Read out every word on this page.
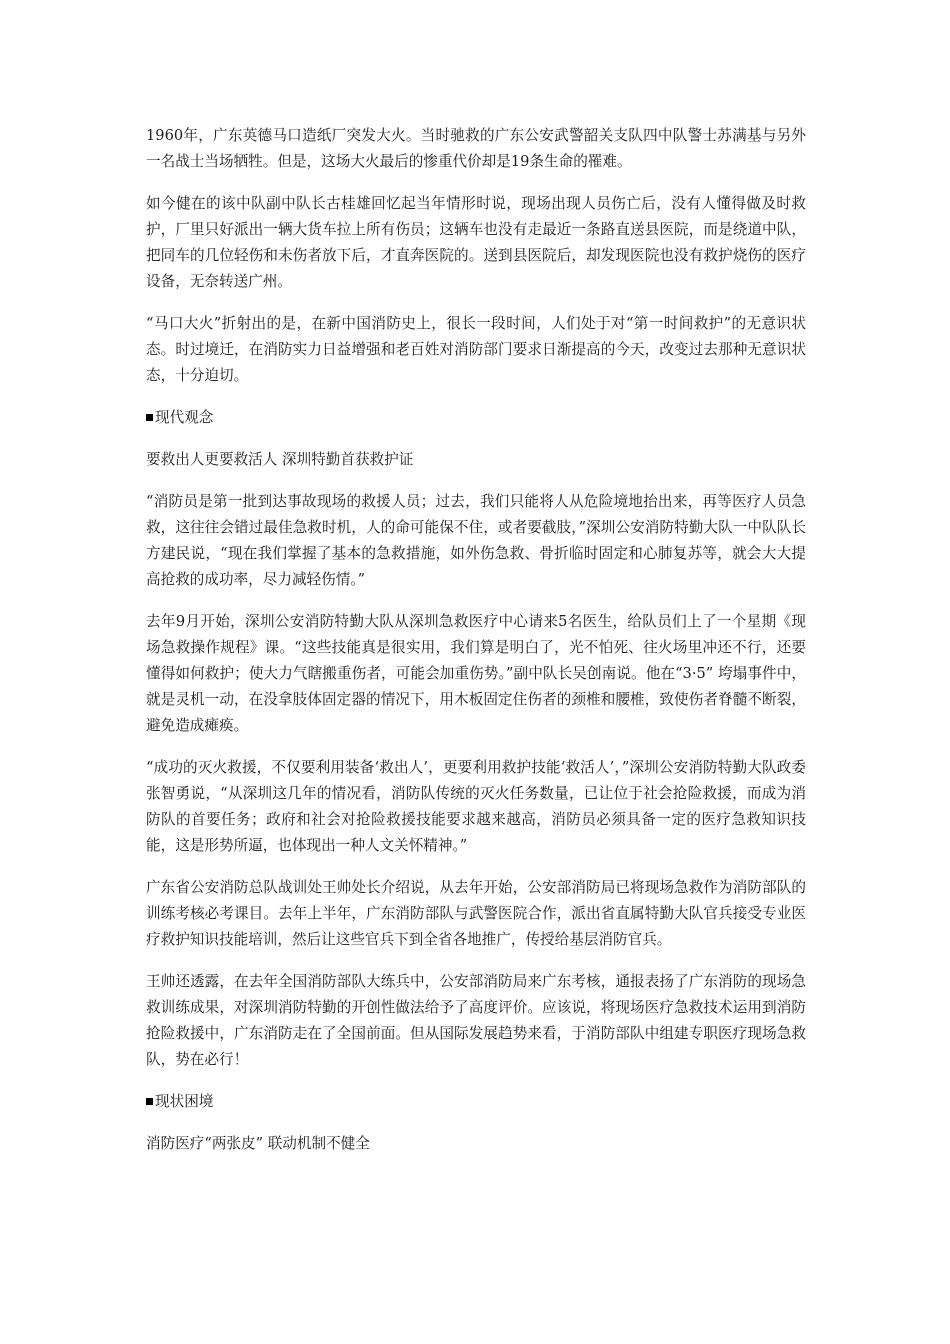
1960年，广东英德马口造纸厂突发大火。当时驰救的广东公安武警韶关支队四中队警士苏满基与另外一名战士当场牺牲。但是，这场大火最后的惨重代价却是19条生命的罹难。

如今健在的该中队副中队长古桂雄回忆起当年情形时说，现场出现人员伤亡后，没有人懂得做及时救护，厂里只好派出一辆大货车拉上所有伤员；这辆车也没有走最近一条路直送县医院，而是绕道中队，把同车的几位轻伤和未伤者放下后，才直奔医院的。送到县医院后，却发现医院也没有救护烧伤的医疗设备，无奈转送广州。

“马口大火”折射出的是，在新中国消防史上，很长一段时间，人们处于对“第一时间救护”的无意识状态。时过境迁，在消防实力日益增强和老百姓对消防部门要求日渐提高的今天，改变过去那种无意识状态，十分迫切。

现代观念
要救出人更要救活人 深圳特勤首获救护证

“消防员是第一批到达事故现场的救援人员；过去，我们只能将人从危险境地抬出来，再等医疗人员急救，这往往会错过最佳急救时机，人的命可能保不住，或者要截肢，”深圳公安消防特勤大队一中队队长方建民说，“现在我们掌握了基本的急救措施，如外伤急救、骨折临时固定和心肺复苏等，就会大大提高抢救的成功率，尽力减轻伤情。”

去年9月开始，深圳公安消防特勤大队从深圳急救医疗中心请来5名医生，给队员们上了一个星期《现场急救操作规程》课。“这些技能真是很实用，我们算是明白了，光不怕死、往火场里冲还不行，还要懂得如何救护；使大力气瞎搬重伤者，可能会加重伤势。”副中队长吴创南说。他在“3·5” 垮塌事件中，就是灵机一动，在没拿肢体固定器的情况下，用木板固定住伤者的颈椎和腰椎，致使伤者脊髓不断裂，避免造成瘫痪。

“成功的灭火救援，不仅要利用装备‘救出人’，更要利用救护技能‘救活人’，”深圳公安消防特勤大队政委张智勇说，“从深圳这几年的情况看，消防队传统的灭火任务数量，已让位于社会抢险救援，而成为消防队的首要任务；政府和社会对抢险救援技能要求越来越高，消防员必须具备一定的医疗急救知识技能，这是形势所逼，也体现出一种人文关怀精神。”

广东省公安消防总队战训处王帅处长介绍说，从去年开始，公安部消防局已将现场急救作为消防部队的训练考核必考课目。去年上半年，广东消防部队与武警医院合作，派出省直属特勤大队官兵接受专业医疗救护知识技能培训，然后让这些官兵下到全省各地推广，传授给基层消防官兵。

王帅还透露，在去年全国消防部队大练兵中，公安部消防局来广东考核，通报表扬了广东消防的现场急救训练成果，对深圳消防特勤的开创性做法给予了高度评价。应该说，将现场医疗急救技术运用到消防抢险救援中，广东消防走在了全国前面。但从国际发展趋势来看，于消防部队中组建专职医疗现场急救队，势在必行！

现状困境
消防医疗“两张皮” 联动机制不健全
